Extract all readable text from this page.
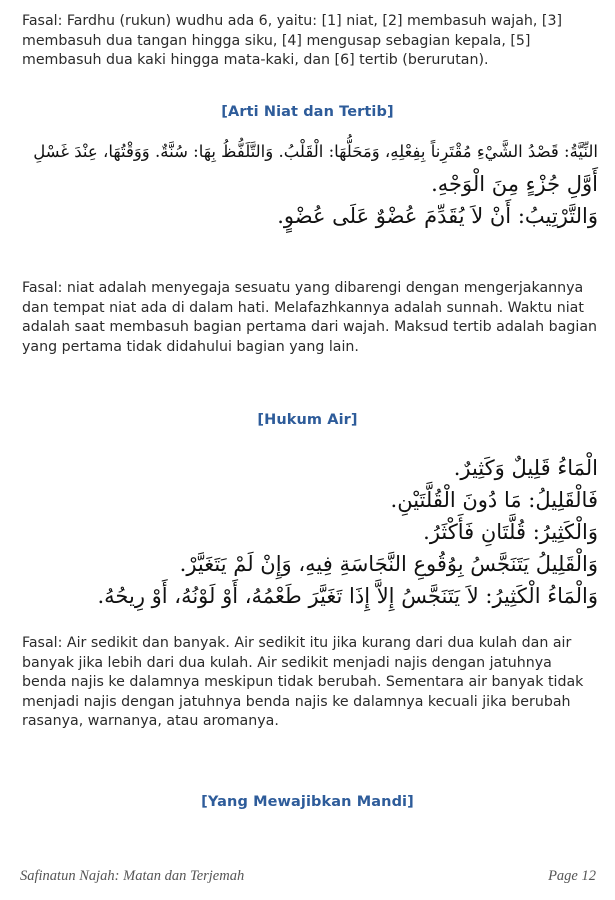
Fasal: Fardhu (rukun) wudhu ada 6, yaitu: [1] niat, [2] membasuh wajah, [3] membasuh dua tangan hingga siku, [4] mengusap sebagian kepala, [5] membasuh dua kaki hingga mata-kaki, dan [6] tertib (berurutan).

[Arti Niat dan Tertib]

النِّيَّةُ: قَصْدُ الشَّيْءِ مُقْتَرِناً بِفِعْلِهِ، وَمَحَلُّهَا: الْقَلْبُ. وَالتَّلَفُّظُ بِهَا: سُنَّةٌ. وَوَقْتُهَا، عِنْدَ غَسْلِ
أَوَّلِ جُزْءٍ مِنَ الْوَجْهِ.
وَالتَّرْتِيبُ: أَنْ لاَ يُقَدِّمَ عُضْوٌ عَلَى عُضْوٍ.

Fasal: niat adalah menyegaja sesuatu yang dibarengi dengan mengerjakannya dan tempat niat ada di dalam hati. Melafazhkannya adalah sunnah. Waktu niat adalah saat membasuh bagian pertama dari wajah. Maksud tertib adalah bagian yang pertama tidak didahului bagian yang lain.

[Hukum Air]

الْمَاءُ قَلِيلٌ وَكَثِيرٌ.
فَالْقَلِيلُ: مَا دُونَ الْقُلَّتَيْنِ.
وَالْكَثِيرُ: قُلَّتَانِ فَأَكْثَرُ.
وَالْقَلِيلُ يَتَنَجَّسُ بِوُقُوعِ النَّجَاسَةِ فِيهِ، وَإِنْ لَمْ يَتَغَيَّرْ.
وَالْمَاءُ الْكَثِيرُ: لاَ يَتَنَجَّسُ إِلاَّ إِذَا تَغَيَّرَ طَعْمُهُ، أَوْ لَوْنُهُ، أَوْ رِيحُهُ.

Fasal: Air sedikit dan banyak. Air sedikit itu jika kurang dari dua kulah dan air banyak jika lebih dari dua kulah. Air sedikit menjadi najis dengan jatuhnya benda najis ke dalamnya meskipun tidak berubah. Sementara air banyak tidak menjadi najis dengan jatuhnya benda najis ke dalamnya kecuali jika berubah rasanya, warnanya, atau aromanya.

[Yang Mewajibkan Mandi]

Safinatun Najah: Matan dan Terjemah	Page 12
